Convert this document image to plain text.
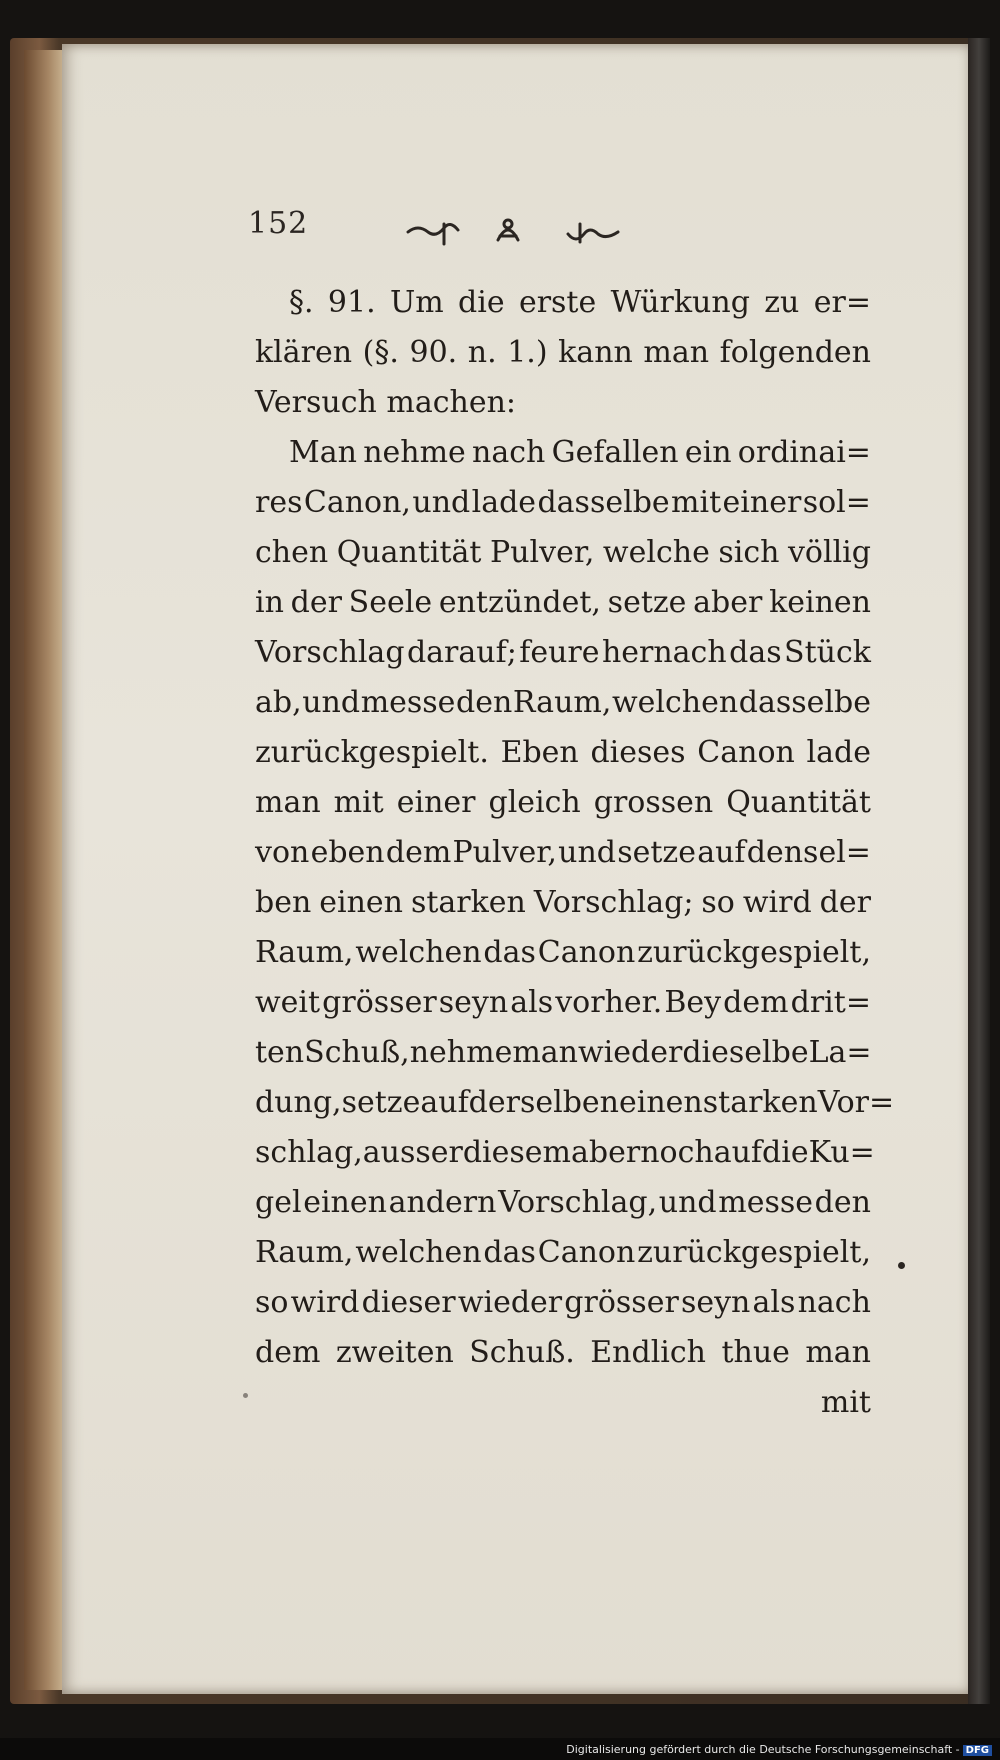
152
§. 91. Um die erste Würkung zu er=
klären (§. 90. n. 1.) kann man folgenden
Versuch machen:
Man nehme nach Gefallen ein ordinai=
res Canon, und lade dasselbe mit einer sol=
chen Quantität Pulver, welche sich völlig
in der Seele entzündet, setze aber keinen
Vorschlag darauf; feure hernach das Stück
ab, und messe den Raum, welchen dasselbe
zurückgespielt. Eben dieses Canon lade
man mit einer gleich grossen Quantität
von eben dem Pulver, und setze auf densel=
ben einen starken Vorschlag; so wird der
Raum, welchen das Canon zurückgespielt,
weit grösser seyn als vorher. Bey dem drit=
ten Schuß, nehme man wieder dieselbe La=
dung, setze auf derselben einen starken Vor=
schlag, ausser diesem aber noch auf die Ku=
gel einen andern Vorschlag, und messe den
Raum, welchen das Canon zurückgespielt,
so wird dieser wieder grösser seyn als nach
dem zweiten Schuß. Endlich thue man
mit
Digitalisierung gefördert durch die Deutsche Forschungsgemeinschaft - DFG
